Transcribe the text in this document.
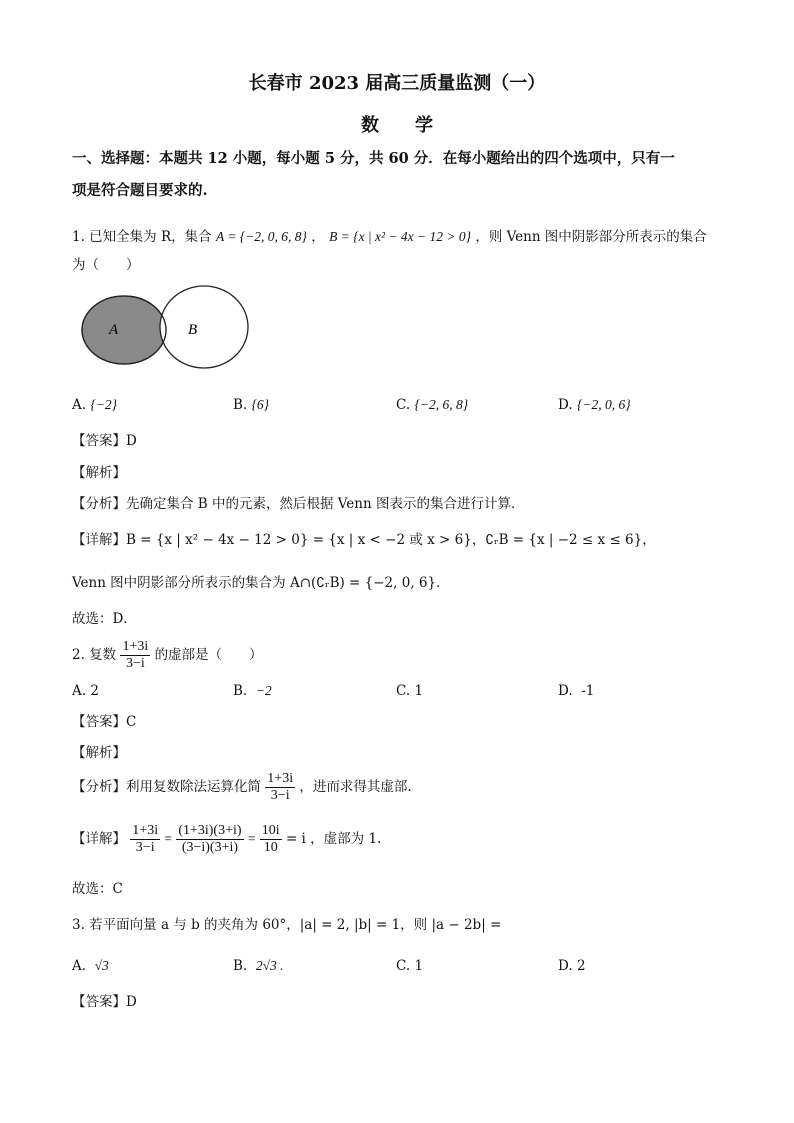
长春市 2023 届高三质量监测（一）
数　　学
一、选择题：本题共 12 小题，每小题 5 分，共 60 分．在每小题给出的四个选项中，只有一
项是符合题目要求的.
1. 已知全集为 R，集合 A = {−2, 0, 6, 8} ， B = {x | x² − 4x − 12 > 0} ，则 Venn 图中阴影部分所表示的集合
为（　　）
A	B
A. {−2}	B. {6}	C. {−2, 6, 8}	D. {−2, 0, 6}
【答案】D
【解析】
【分析】先确定集合 B 中的元素，然后根据 Venn 图表示的集合进行计算．
【详解】B = {x | x² − 4x − 12 > 0} = {x | x < −2 或 x > 6}，∁ᵣB = {x | −2 ≤ x ≤ 6}，
Venn 图中阴影部分所表示的集合为 A∩(∁ᵣB) = {−2, 0, 6}．
故选：D．
2. 复数 $\frac{1+3i}{3-i}$ 的虚部是（　　）
A. 2	B. −2	C. 1	D. -1
【答案】C
【解析】
【分析】利用复数除法运算化简 $\frac{1+3i}{3-i}$ ，进而求得其虚部.
【详解】 $\frac{1+3i}{3-i} = \frac{(1+3i)(3+i)}{(3-i)(3+i)} = \frac{10i}{10} = i$ ，虚部为 1.
故选：C
3. 若平面向量 a 与 b 的夹角为 60°，|a| = 2, |b| = 1，则 |a − 2b| =
A. √3	B. 2√3 .	C. 1	D. 2
【答案】D
